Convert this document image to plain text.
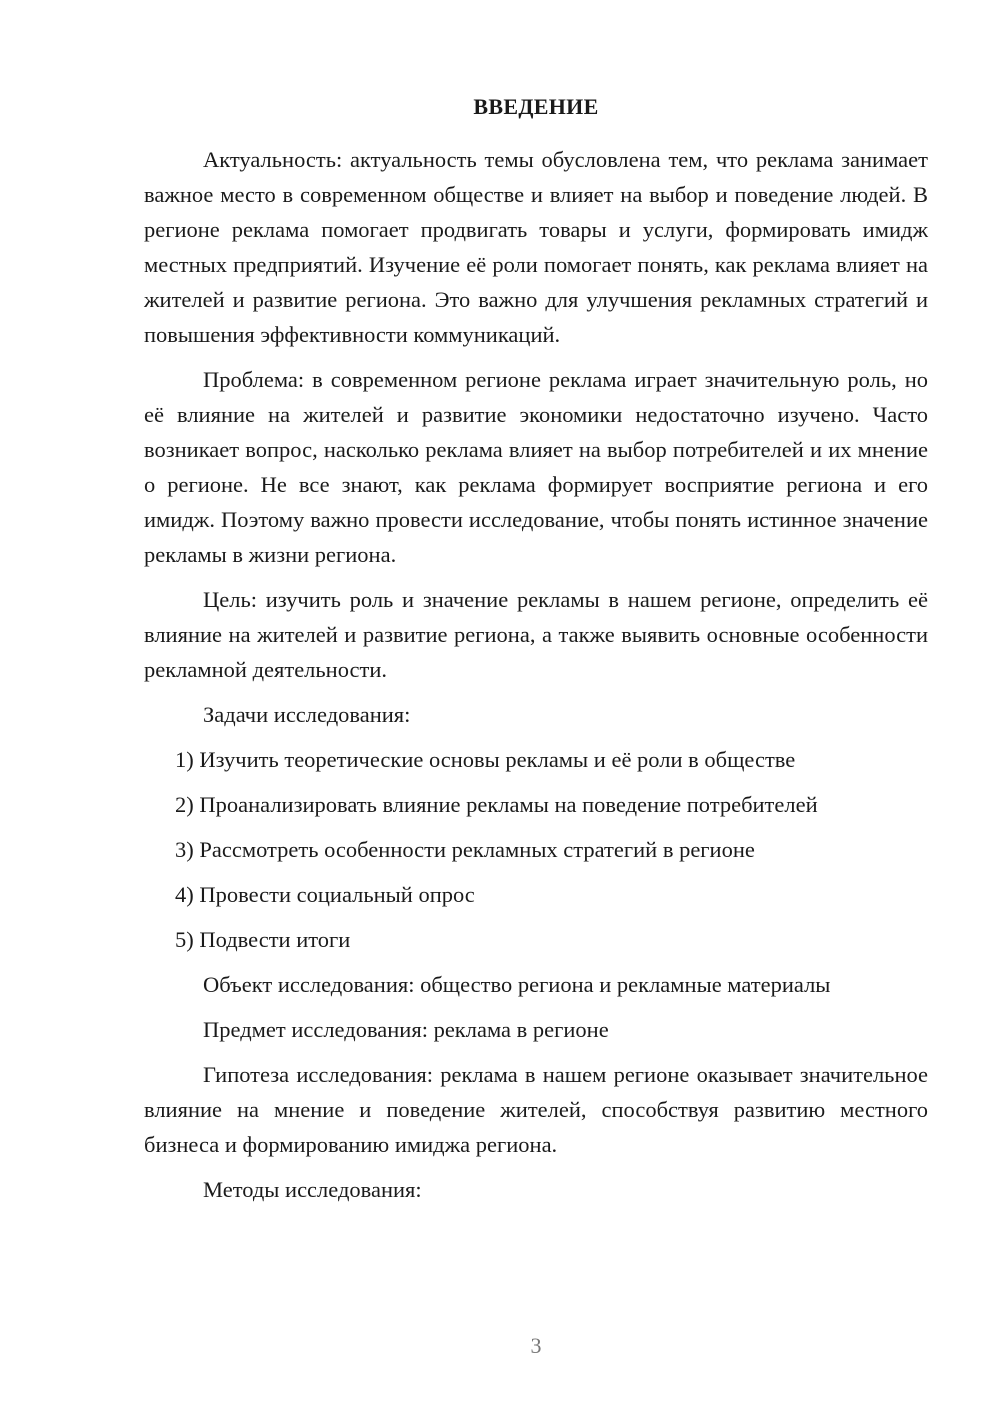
ВВЕДЕНИЕ

Актуальность: актуальность темы обусловлена тем, что реклама занимает важное место в современном обществе и влияет на выбор и поведение людей. В регионе реклама помогает продвигать товары и услуги, формировать имидж местных предприятий. Изучение её роли помогает понять, как реклама влияет на жителей и развитие региона. Это важно для улучшения рекламных стратегий и повышения эффективности коммуникаций.

Проблема: в современном регионе реклама играет значительную роль, но её влияние на жителей и развитие экономики недостаточно изучено. Часто возникает вопрос, насколько реклама влияет на выбор потребителей и их мнение о регионе. Не все знают, как реклама формирует восприятие региона и его имидж. Поэтому важно провести исследование, чтобы понять истинное значение рекламы в жизни региона.

Цель: изучить роль и значение рекламы в нашем регионе, определить её влияние на жителей и развитие региона, а также выявить основные особенности рекламной деятельности.

Задачи исследования:

1) Изучить теоретические основы рекламы и её роли в обществе

2) Проанализировать влияние рекламы на поведение потребителей

3) Рассмотреть особенности рекламных стратегий в регионе

4) Провести социальный опрос

5) Подвести итоги

Объект исследования: общество региона и рекламные материалы

Предмет исследования: реклама в регионе

Гипотеза исследования: реклама в нашем регионе оказывает значительное влияние на мнение и поведение жителей, способствуя развитию местного бизнеса и формированию имиджа региона.

Методы исследования:

3
